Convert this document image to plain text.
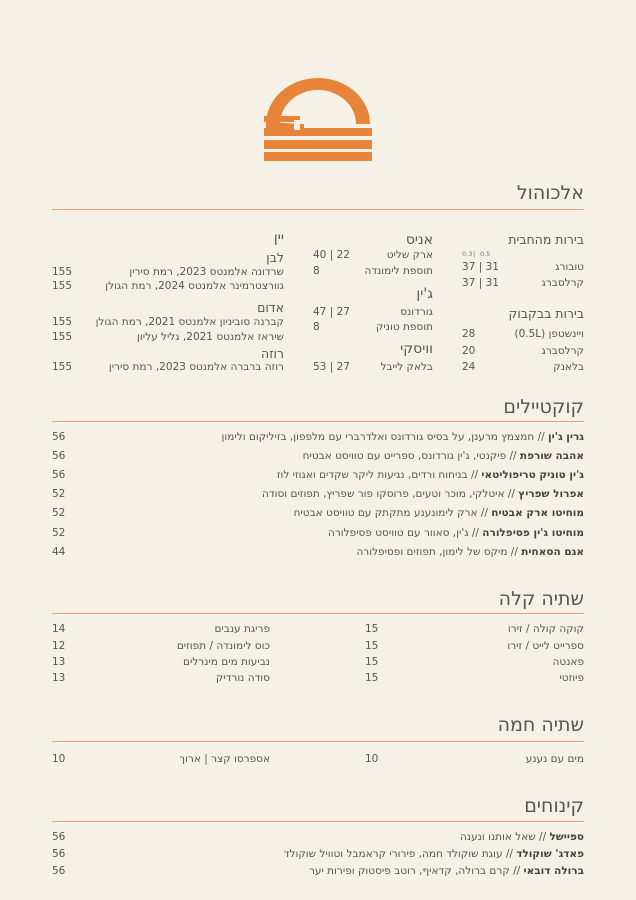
אלכוהול
בירות מהחבית
0.5
|
0.3
טובורג
31 | 37
קרלסברג
31 | 37
בירות בבקבוק
ויינשטפן (0.5L)
28
קרלסברג
20
בלאנק
24
אניס
ארק שליט
22 | 40
תוספת לימונדה
8
ג'ין
גורדונס
27 | 47
תוספת טוניק
8
וויסקי
בלאק לייבל
27 | 53
יין
לבן
שרדונה אלמנטס 2023, רמת סירין
155
גוורצטרמינר אלמנטס 2024, רמת הגולן
155
אדום
קברנה סוביניון אלמנטס 2021, רמת הגולן
155
שיראז אלמנטס 2021, גליל עליון
155
רוזה
רוזה ברברה אלמנטס 2023, רמת סירין
155
קוקטיילים
גרין ג'ין // חמצמץ מרענן, על בסיס גורדונס ואלדרברי עם מלפפון, בזיליקום ולימון
56
אהבה שורפת // פיקנטי, ג'ין גורדונס, ספרייט עם טוויסט אבטיח
56
ג'ין טוניק טריפוליטאי // בניחוח ורדים, נגיעות ליקר שקדים ואגוזי לוז
56
אפרול שפריץ // איטלקי, מוכר וטעים, פרוסקו פור שפריץ, תפוזים וסודה
52
מוחיטו ארק אבטיח // ארק לימונענע מתקתק עם טוויסט אבטיח
52
מוחיטו ג'ין פסיפלורה // ג'ין, סאוור עם טוויסט פסיפלורה
52
אגם הסאחית // מיקס של לימון, תפוזים ופסיפלורה
44
שתיה קלה
קוקה קולה / זירו
15
ספרייט לייט / זירו
15
פאנטה
15
פיוזטי
15
פריגת ענבים
14
כוס לימונדה / תפוזים
12
נביעות מים מינרלים
13
סודה נורדיק
13
שתיה חמה
מים עם נענע
10
אספרסו קצר | ארוך
10
קינוחים
ספיישל // שאל אותנו ונענה
56
פאדג' שוקולד // עוגת שוקולד חמה, פירורי קראמבל וטוויל שוקולד
56
ברולה דובאי // קרם ברולה, קדאיף, רוטב פיסטוק ופירות יער
56
